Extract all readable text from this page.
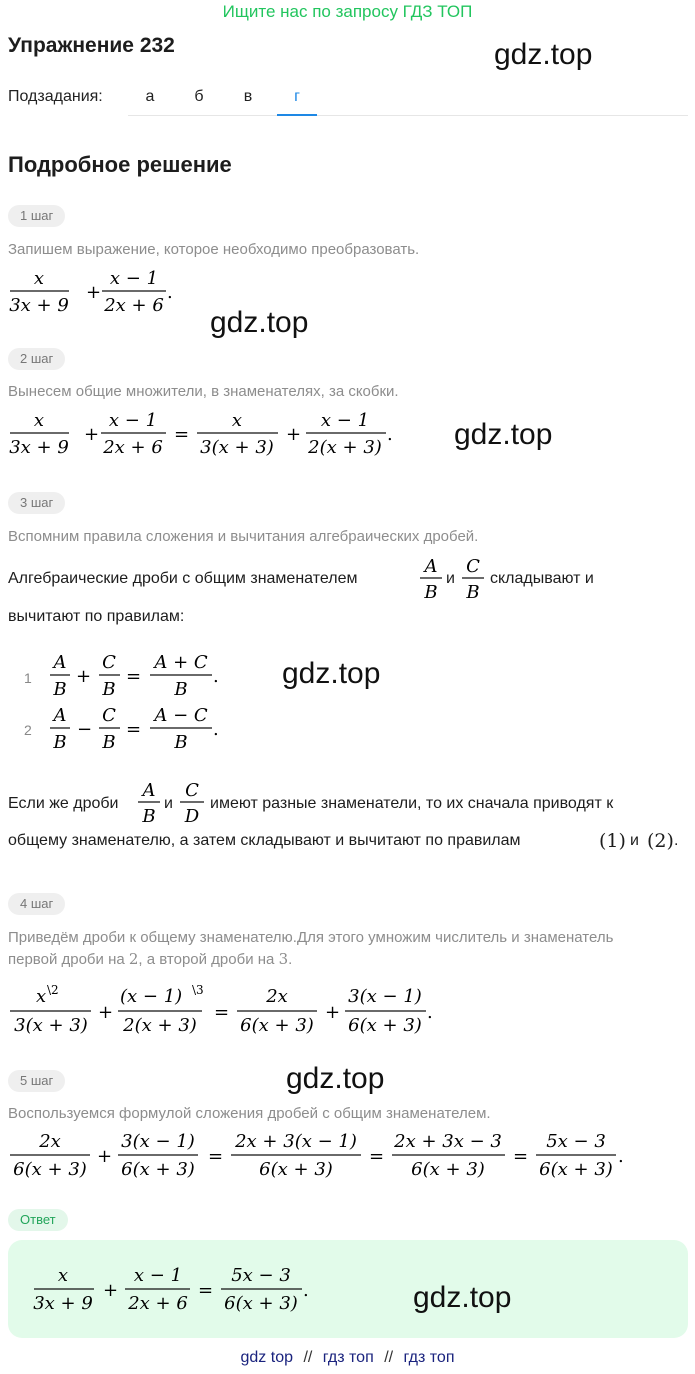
Ищите нас по запросу ГДЗ ТОП
Упражнение 232	gdz.top
Подзадания:	а	б	в	г
Подробное решение
1 шаг
Запишем выражение, которое необходимо преобразовать.
x
3x + 9
+
x − 1
2x + 6
.
gdz.top
2 шаг
Вынесем общие множители, в знаменателях, за скобки.
x
3x + 9
+
x − 1
2x + 6
=
x
3(x + 3)
+
x − 1
2(x + 3)
. gdz.top
3 шаг
Вспомним правила сложения и вычитания алгебраических дробей.
Алгебраические дроби с общим знаменателем
A
B
и
C
B
складывают и
вычитают по правилам:
1
A
B
+
C
B
=
A + C
B
. gdz.top
2
A
B
−
C
B
=
A − C
B
.
Если же дроби
A
B
и
C
D
имеют разные знаменатели, то их сначала приводят к
общему знаменателю, а затем складывают и вычитают по правилам	(1) и (2) .
4 шаг
Приведём дроби к общему знаменателю.Для этого умножим числитель и знаменатель
первой дроби на 2, а второй дроби на 3.
x \2
3(x + 3)
+
(x − 1) \3
2(x + 3)
=
2x
6(x + 3)
+
3(x − 1)
6(x + 3)
.
5 шаг	gdz.top
Воспользуемся формулой сложения дробей с общим знаменателем.
2x
6(x + 3)
+
3(x − 1)
6(x + 3)
=
2x + 3(x − 1)
6(x + 3)
=
2x + 3x − 3
6(x + 3)
=
5x − 3
6(x + 3)
.
Ответ
x
3x + 9
+
x − 1
2x + 6
=
5x − 3
6(x + 3)
.	gdz.top
gdz top // гдз топ // гдз топ
